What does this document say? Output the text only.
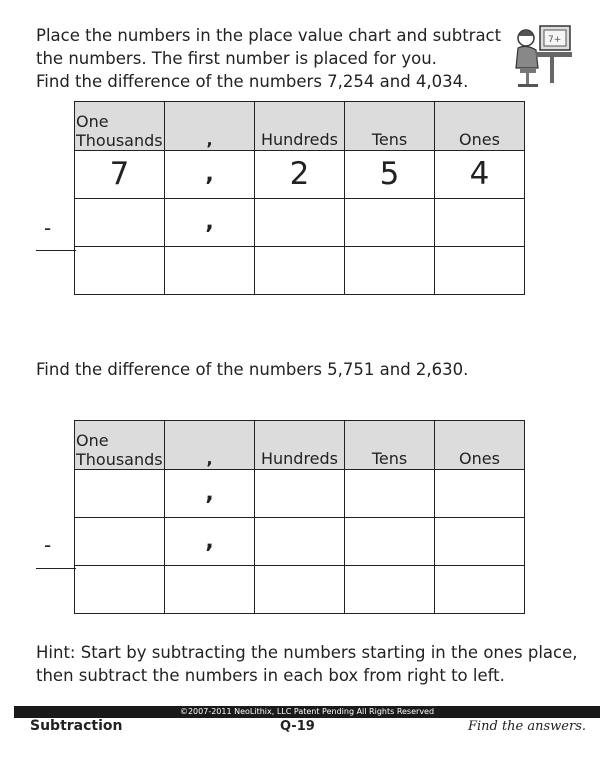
Place the numbers in the place value chart and subtract
the numbers. The first number is placed for you.
Find the difference of the numbers 7,254 and 4,034.
7+
One
Thousands	,	Hundreds	Tens	Ones

7	,	2	5	4

	,			

-
Find the difference of the numbers 5,751 and 2,630.
One
Thousands	,	Hundreds	Tens	Ones

	,			

	,			

-
Hint: Start by subtracting the numbers starting in the ones place,
then subtract the numbers in each box from right to left.
©2007-2011 NeoLithix, LLC Patent Pending All Rights Reserved
Subtraction	Q-19	Find the answers.
